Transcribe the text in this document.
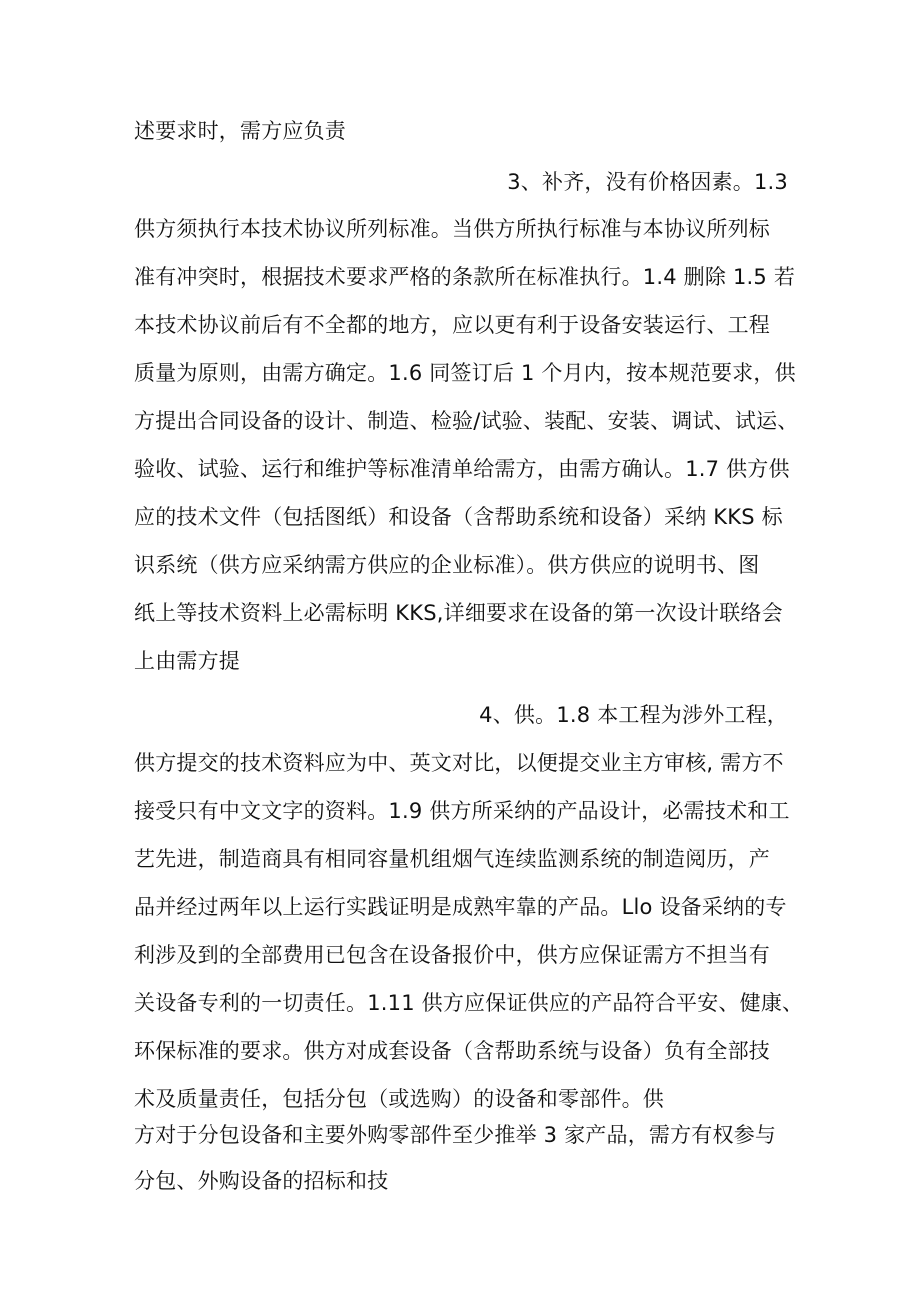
述要求时，需方应负责

3、补齐，没有价格因素。1.3

供方须执行本技术协议所列标准。当供方所执行标准与本协议所列标

准有冲突时，根据技术要求严格的条款所在标准执行。1.4 删除 1.5 若

本技术协议前后有不全都的地方，应以更有利于设备安装运行、工程

质量为原则，由需方确定。1.6 同签订后 1 个月内，按本规范要求，供

方提出合同设备的设计、制造、检验/试验、装配、安装、调试、试运、

验收、试验、运行和维护等标准清单给需方，由需方确认。1.7 供方供

应的技术文件（包括图纸）和设备（含帮助系统和设备）采纳 KKS 标

识系统（供方应采纳需方供应的企业标准）。供方供应的说明书、图

纸上等技术资料上必需标明 KKS,详细要求在设备的第一次设计联络会

上由需方提

4、供。1.8 本工程为涉外工程，

供方提交的技术资料应为中、英文对比，以便提交业主方审核, 需方不

接受只有中文文字的资料。1.9 供方所采纳的产品设计，必需技术和工

艺先进，制造商具有相同容量机组烟气连续监测系统的制造阅历，产

品并经过两年以上运行实践证明是成熟牢靠的产品。Llo 设备采纳的专

利涉及到的全部费用已包含在设备报价中，供方应保证需方不担当有

关设备专利的一切责任。1.11 供方应保证供应的产品符合平安、健康、

环保标准的要求。供方对成套设备（含帮助系统与设备）负有全部技

术及质量责任，包括分包（或选购）的设备和零部件。供

方对于分包设备和主要外购零部件至少推举 3 家产品，需方有权参与

分包、外购设备的招标和技
